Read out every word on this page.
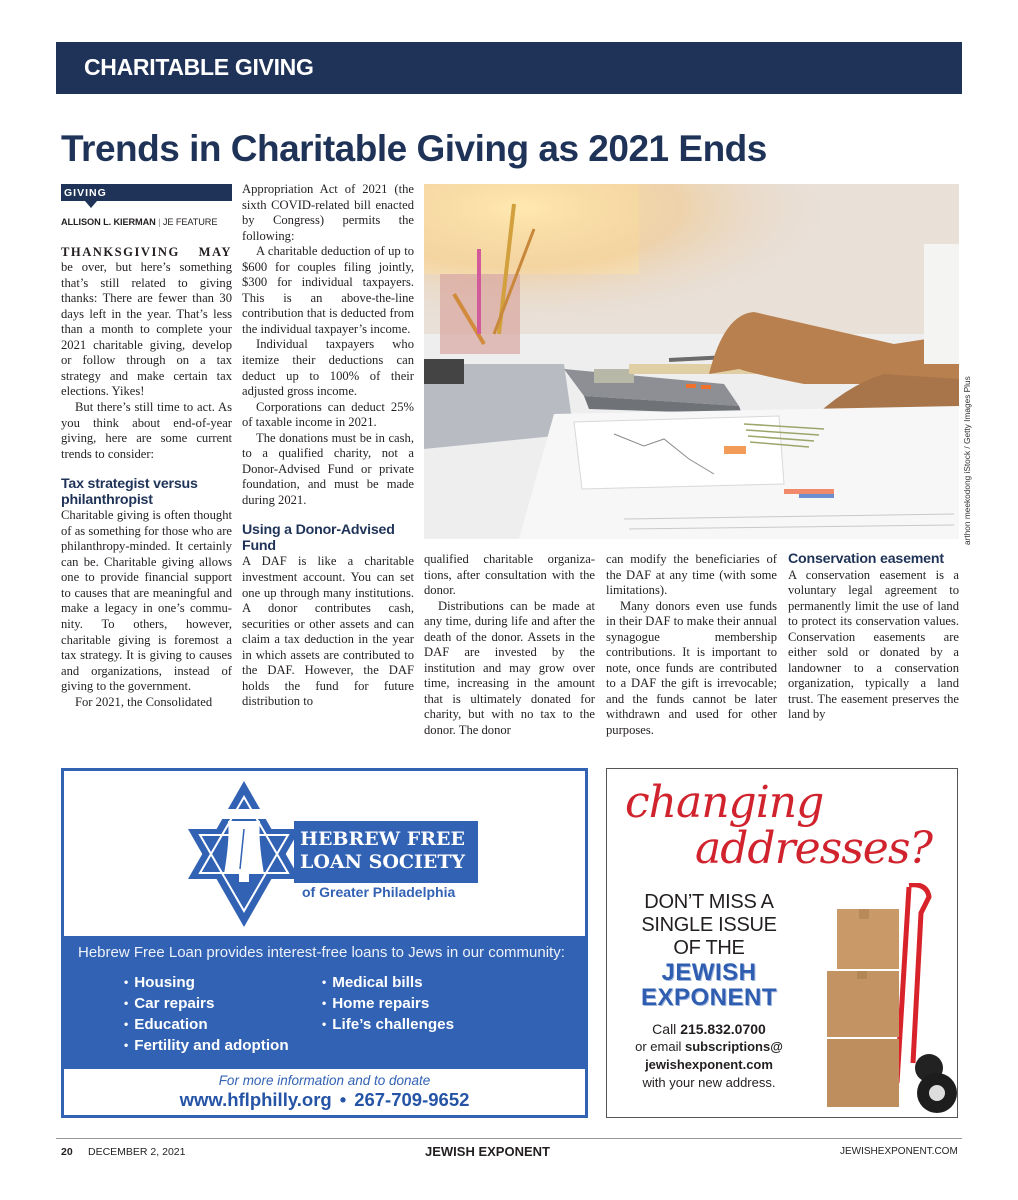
CHARITABLE GIVING
Trends in Charitable Giving as 2021 Ends
GIVING
ALLISON L. KIERMAN | JE FEATURE

THANKSGIVING MAY be over, but here’s something that’s still related to giving thanks: There are fewer than 30 days left in the year. That’s less than a month to complete your 2021 charitable giving, develop or follow through on a tax strategy and make certain tax elections. Yikes!

But there’s still time to act. As you think about end-of-year giving, here are some current trends to consider:

Tax strategist versus philanthropist

Charitable giving is often thought of as something for those who are philanthropy-minded. It certainly can be. Charitable giving allows one to provide financial support to causes that are meaningful and make a legacy in one’s community. To others, however, charitable giving is foremost a tax strategy. It is giving to causes and organizations, instead of giving to the government.

For 2021, the Consolidated

Appropriation Act of 2021 (the sixth COVID-related bill enacted by Congress) permits the following:

A charitable deduction of up to $600 for couples filing jointly, $300 for individual taxpayers. This is an above-the-line contribution that is deducted from the individual taxpayer’s income.

Individual taxpayers who itemize their deductions can deduct up to 100% of their adjusted gross income.

Corporations can deduct 25% of taxable income in 2021.

The donations must be in cash, to a qualified charity, not a Donor-Advised Fund or private foundation, and must be made during 2021.

Using a Donor-Advised Fund

A DAF is like a charitable investment account. You can set one up through many institutions. A donor contributes cash, securities or other assets and can claim a tax deduction in the year in which assets are contributed to the DAF. However, the DAF holds the fund for future distribution to

arthon meekodong iStock / Getty Images Plus

qualified charitable organizations, after consultation with the donor.

Distributions can be made at any time, during life and after the death of the donor. Assets in the DAF are invested by the institution and may grow over time, increasing in the amount that is ultimately donated for charity, but with no tax to the donor. The donor

can modify the beneficiaries of the DAF at any time (with some limitations).

Many donors even use funds in their DAF to make their annual synagogue membership contributions. It is important to note, once funds are contributed to a DAF the gift is irrevocable; and the funds cannot be later withdrawn and used for other purposes.

Conservation easement

A conservation easement is a voluntary legal agreement to permanently limit the use of land to protect its conservation values. Conservation easements are either sold or donated by a landowner to a conservation organization, typically a land trust. The easement preserves the land by

HEBREW FREE
LOAN SOCIETY
of Greater Philadelphia
Hebrew Free Loan provides interest-free loans to Jews in our community:
• Housing
• Car repairs
• Education
• Fertility and adoption
• Medical bills
• Home repairs
• Life’s challenges
For more information and to donate
www.hflphilly.org • 267-709-9652
changing
addresses?
DON’T MISS A
SINGLE ISSUE
OF THE
JEWISH
EXPONENT
Call 215.832.0700
or email subscriptions@
jewishexponent.com
with your new address.
20 DECEMBER 2, 2021	JEWISH EXPONENT	JEWISHEXPONENT.COM
